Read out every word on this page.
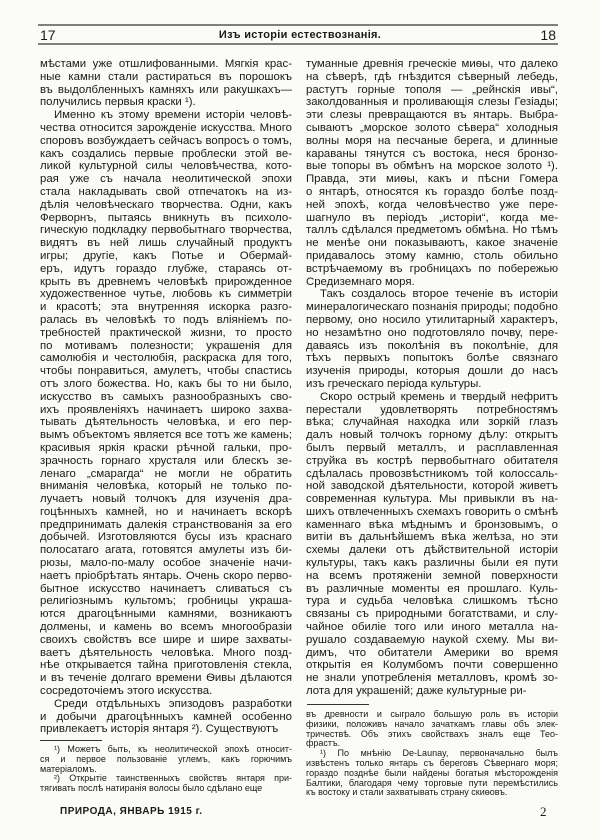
17	Изъ исторіи естествознанія.	18
мѣстами уже отшлифованными. Мягкія крас-
ные камни стали растираться въ порошокъ
въ выдолбленныхъ камняхъ или ракушкахъ—
получились первыя краски ¹).
Именно къ этому времени исторіи человѣ-
чества относится зарожденіе искусства. Много
споровъ возбуждаетъ сейчасъ вопросъ о томъ,
какъ создались первые проблески этой ве-
ликой культурной силы человѣчества, кото-
рая уже съ начала неолитической эпохи
стала накладывать свой отпечатокъ на из-
дѣлія человѣческаго творчества. Одни, какъ
Ферворнъ, пытаясь вникнуть въ психоло-
гическую подкладку первобытнаго творчества,
видятъ въ ней лишь случайный продуктъ
игры; другіе, какъ Потье и Обермай-
еръ, идутъ гораздо глубже, стараясь от-
крыть въ древнемъ человѣкѣ прирожденное
художественное чутье, любовь къ симметріи
и красотѣ; эта внутренняя искорка разго-
ралась въ человѣкѣ то подъ вліяніемъ по-
требностей практической жизни, то просто
по мотивамъ полезности; украшенія для
самолюбія и честолюбія, раскраска для того,
чтобы понравиться, амулетъ, чтобы спастись
отъ злого божества. Но, какъ бы то ни было,
искусство въ самыхъ разнообразныхъ сво-
ихъ проявленіяхъ начинаетъ широко захва-
тывать дѣятельность человѣка, и его пер-
вымъ объектомъ является все тотъ же камень;
красивыя яркія краски рѣчной гальки, про-
зрачность горнаго хрусталя или блескъ зе-
ленаго „смарагда“ не могли не обратить
вниманія человѣка, который не только по-
лучаетъ новый толчокъ для изученія дра-
гоцѣнныхъ камней, но и начинаетъ вскорѣ
предпринимать далекія странствованія за его
добычей. Изготовляются бусы изъ краснаго
полосатаго агата, готовятся амулеты изъ би-
рюзы, мало-по-малу особое значеніе начи-
наетъ пріобрѣтать янтарь. Очень скоро перво-
бытное искусство начинаетъ сливаться съ
религіознымъ культомъ; гробницы украша-
ются драгоцѣнными камнями, возникаютъ
долмены, и камень во всемъ многообразіи
своихъ свойствъ все шире и шире захваты-
ваетъ дѣятельность человѣка. Много позд-
нѣе открывается тайна приготовленія стекла,
и въ теченіе долгаго времени Ѳивы дѣлаются
сосредоточіемъ этого искусства.
Среди отдѣльныхъ эпизодовъ разработки
и добычи драгоцѣнныхъ камней особенно
привлекаетъ исторія янтаря ²). Существуютъ
туманные древнія греческіе миѳы, что далеко
на сѣверѣ, гдѣ гнѣздится сѣверный лебедь,
растутъ горные тополя — „рейнскія ивы“,
заколдованныя и проливающія слезы Гезіады;
эти слезы превращаются въ янтарь. Выбра-
сываютъ „морское золото сѣвера“ холодныя
волны моря на песчаные берега, и длинные
караваны тянутся съ востока, неся бронзо-
вые топоры въ обмѣнъ на морское золото ¹).
Правда, эти миѳы, какъ и пѣсни Гомера
о янтарѣ, относятся къ гораздо болѣе позд-
ней эпохѣ, когда человѣчество уже пере-
шагнуло въ періодъ „исторіи“, когда ме-
таллъ сдѣлался предметомъ обмѣна. Но тѣмъ
не менѣе они показываютъ, какое значеніе
придавалось этому камню, столь обильно
встрѣчаемому въ гробницахъ по побережью
Средиземнаго моря.
Такъ создалось второе теченіе въ исторіи
минералогическаго познанія природы; подобно
первому, оно носило утилитарный характеръ,
но незамѣтно оно подготовляло почву, пере-
даваясь изъ поколѣнія въ поколѣніе, для
тѣхъ первыхъ попытокъ болѣе связнаго
изученія природы, которыя дошли до насъ
изъ греческаго періода культуры.
Скоро острый кремень и твердый нефритъ
перестали удовлетворять потребностямъ
вѣка; случайная находка или зоркій глазъ
далъ новый толчокъ горному дѣлу: открытъ
былъ первый металлъ, и расплавленная
струйка въ кострѣ первобытнаго обитателя
сдѣлалась провозвѣстникомъ той колоссаль-
ной заводской дѣятельности, которой живетъ
современная культура. Мы привыкли въ на-
шихъ отвлеченныхъ схемахъ говорить о смѣнѣ
каменнаго вѣка мѣднымъ и бронзовымъ, о
витіи въ дальнѣйшемъ вѣка желѣза, но эти
схемы далеки отъ дѣйствительной исторіи
культуры, такъ какъ различны были ея пути
на всемъ протяженіи земной поверхности
въ различные моменты ея прошлаго. Куль-
тура и судьба человѣка слишкомъ тѣсно
связаны съ природными богатствами, и слу-
чайное обиліе того или иного металла на-
рушало создаваемую наукой схему. Мы ви-
димъ, что обитатели Америки во время
открытія ея Колумбомъ почти совершенно
не знали употребленія металловъ, кромѣ зо-
лота для украшеній; даже культурные ри-
¹) Можетъ быть, къ неолитической эпохѣ относит-
ся и первое пользованіе углемъ, какъ горючимъ
матеріаломъ.
²) Открытіе таинственныхъ свойствъ янтаря при-
тягивать послѣ натиранія волосы было сдѣлано еще
въ древности и сыграло большую роль въ исторіи
физики, положивъ начало зачаткамъ главы объ элек-
тричествѣ. Объ этихъ свойствахъ зналъ еще Тео-
фрастъ.
¹) По мнѣнію De-Launay, первоначально былъ
извѣстенъ только янтарь съ береговъ Сѣвернаго моря;
гораздо позднѣе были найдены богатыя мѣсторожденія
Балтики, благодаря чему торговые пути перемѣстились
къ востоку и стали захватывать страну скиѳовъ.
ПРИРОДА, ЯНВАРЬ 1915 г.	2
